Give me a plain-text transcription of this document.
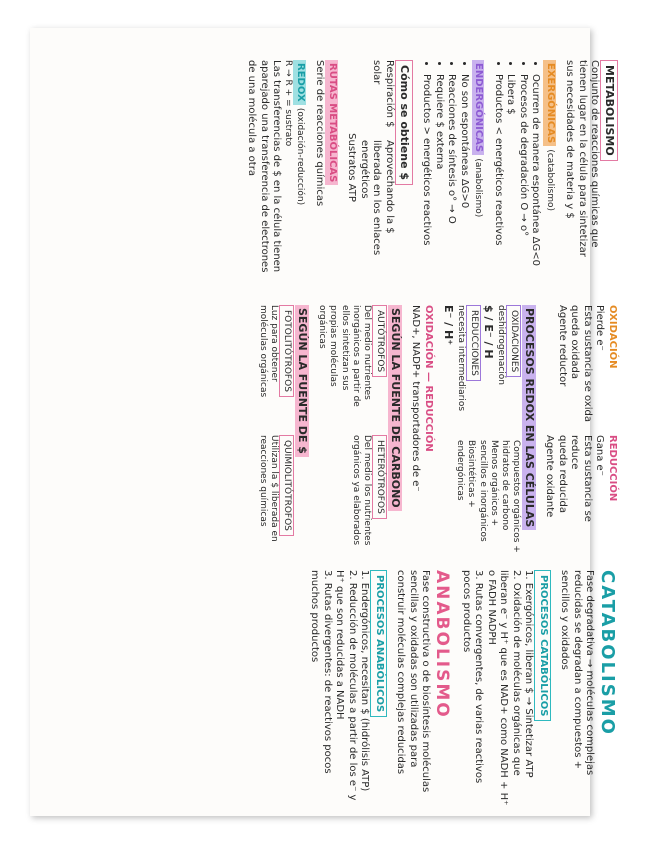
METABOLISMO
Conjunto de reacciones químicas que tienen lugar en la célula para sintetizar sus necesidades de materia y $
EXERGÓNICAS (catabolismo)
• Ocurren de manera espontánea ΔG<0
• Procesos de degradación O → o°
• Libera $
• Productos < energéticos reactivos
ENDERGÓNICAS (anabolismo)
• No son espontáneas ΔG>0
• Reacciones de síntesis o° → O
• Requiere $ externa
• Productos > energéticos reactivos
Cómo se obtiene $
Respiración $ solar
Aprovechando la $ liberada en los enlaces energéticos
Sustratos ATP
RUTAS METABÓLICAS
Serie de reacciones químicas
REDOX (oxidación-reducción)
R → R + = sustrato
Las transferencias de $ en la célula tienen aparejado una transferencia de electrones de una molécula a otra
OXIDACIÓN
Pierde e⁻
Esta sustancia se oxida
queda oxidada
Agente reductor
REDUCCIÓN
Gana e⁻
Esta sustancia se reduce
queda reducida
Agente oxidante
PROCESOS REDOX EN LAS CÉLULAS
OXIDACIONES
deshidrogenación
$ / E⁻ / H
REDUCCIONES
necesita intermediarios
E⁻ / H⁺
Compuestos orgánicos + hidratos de carbono
Menos orgánicos + sencillos e inorgánicos
Biosintéticas + endergónicas
OXIDACIÓN — REDUCCIÓN
NAD+, NADP+ transportadores de e⁻
SEGÚN LA FUENTE DE CARBONO
AUTÓTROFOS
Del medio nutrientes inorgánicos a partir de ellos sintetizan sus propias moléculas orgánicas
HETERÓTROFOS
Del medio los nutrientes orgánicos ya elaborados
SEGÚN LA FUENTE DE $
FOTOLITÓTROFOS
Luz para obtener moléculas orgánicas
QUIMIOLITÓTROFOS
Utilizan la $ liberada en reacciones químicas
CATABOLISMO
Fase degradativa → moléculas complejas reducidas se degradan a compuestos + sencillos y oxidados
PROCESOS CATABÓLICOS
1. Exergónicos, liberan $ → Sintetizar ATP
2. Oxidación de moléculas orgánicas que liberan e⁻ y H⁺ que es NAD+ como NADH + H⁺ o FADH NADPH
3. Rutas convergentes, de varias reactivos pocos productos
ANABOLISMO
Fase constructiva o de biosíntesis moléculas sencillas y oxidadas son utilizadas para construir moléculas complejas reducidas
PROCESOS ANABÓLICOS
1. Endergónicos, necesitan $ (hidrólisis ATP)
2. Reducción de moléculas a partir de los e⁻ y H⁺ que son reducidas a NADH
3. Rutas divergentes: de reactivos pocos muchos productos
